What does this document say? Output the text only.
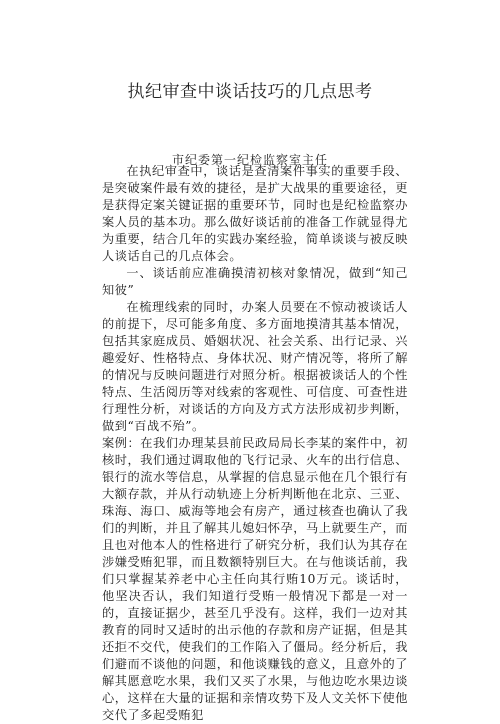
执纪审查中谈话技巧的几点思考
市纪委第一纪检监察室主任

在执纪审查中，谈话是查清案件事实的重要手段、是突破案件最有效的捷径，是扩大战果的重要途径，更是获得定案关键证据的重要环节，同时也是纪检监察办案人员的基本功。那么做好谈话前的准备工作就显得尤为重要，结合几年的实践办案经验，简单谈谈与被反映人谈话自己的几点体会。

一、谈话前应准确摸清初核对象情况，做到“知己知彼”

在梳理线索的同时，办案人员要在不惊动被谈话人的前提下，尽可能多角度、多方面地摸清其基本情况，包括其家庭成员、婚姻状况、社会关系、出行记录、兴趣爱好、性格特点、身体状况、财产情况等，将所了解的情况与反映问题进行对照分析。根据被谈话人的个性特点、生活阅历等对线索的客观性、可信度、可查性进行理性分析，对谈话的方向及方式方法形成初步判断，做到“百战不殆”。

案例：在我们办理某县前民政局局长李某的案件中，初核时，我们通过调取他的飞行记录、火车的出行信息、银行的流水等信息，从掌握的信息显示他在几个银行有大额存款，并从行动轨迹上分析判断他在北京、三亚、珠海、海口、威海等地会有房产，通过核查也确认了我们的判断，并且了解其儿媳妇怀孕，马上就要生产，而且也对他本人的性格进行了研究分析，我们认为其存在涉嫌受贿犯罪，而且数额特别巨大。在与他谈话前，我们只掌握某养老中心主任向其行贿10万元。谈话时，他坚决否认，我们知道行受贿一般情况下都是一对一的，直接证据少，甚至几乎没有。这样，我们一边对其教育的同时又适时的出示他的存款和房产证据，但是其还拒不交代，使我们的工作陷入了僵局。经分析后，我们避而不谈他的问题，和他谈赚钱的意义，且意外的了解其愿意吃水果，我们又买了水果，与他边吃水果边谈心，这样在大量的证据和亲情攻势下及人文关怀下使他交代了多起受贿犯
